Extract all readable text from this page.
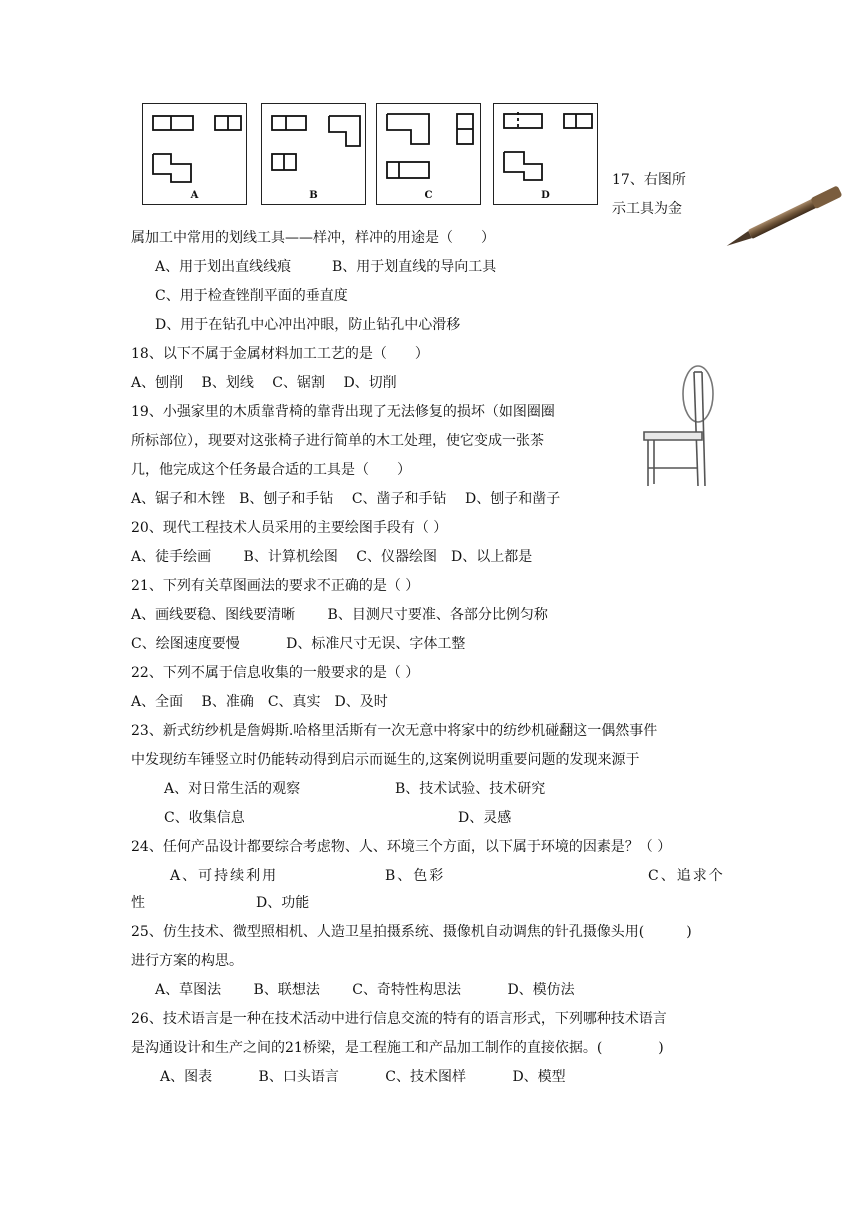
A	B	C	D
17、右图所
示工具为金
属加工中常用的划线工具——样冲，样冲的用途是（　　）
A、用于划出直线线痕	B、用于划直线的导向工具
C、用于检查锉削平面的垂直度
D、用于在钻孔中心冲出冲眼，防止钻孔中心滑移
18、以下不属于金属材料加工工艺的是（　　）
A、刨削　 B、划线　 C、锯割　 D、切削
19、小强家里的木质靠背椅的靠背出现了无法修复的损坏（如图圈圈
所标部位），现要对这张椅子进行简单的木工处理，使它变成一张茶
几，他完成这个任务最合适的工具是（　　）
A、锯子和木锉　B、刨子和手钻　 C、凿子和手钻　 D、刨子和凿子
20、现代工程技术人员采用的主要绘图手段有（ ）
A、徒手绘画　　 B、计算机绘图　 C、仪器绘图　D、以上都是
21、下列有关草图画法的要求不正确的是（ ）
A、画线要稳、图线要清晰　　 B、目测尺寸要准、各部分比例匀称
C、绘图速度要慢　　　 D、标准尺寸无误、字体工整
22、下列不属于信息收集的一般要求的是（ ）
A、全面　 B、准确　C、真实　D、及时
23、新式纺纱机是詹姆斯.哈格里活斯有一次无意中将家中的纺纱机碰翻这一偶然事件
中发现纺车锤竖立时仍能转动得到启示而诞生的,这案例说明重要问题的发现来源于
A、对日常生活的观察	B、技术试验、技术研究
C、收集信息	D、灵感
24、任何产品设计都要综合考虑物、人、环境三个方面，以下属于环境的因素是？（ ）
A、可持续利用	B、色彩	C、追求个
性	D、功能
25、仿生技术、微型照相机、人造卫星拍摄系统、摄像机自动调焦的针孔摄像头用(　　　)
进行方案的构思。
A、草图法　　 B、联想法　　 C、奇特性构思法　　　 D、模仿法
26、技术语言是一种在技术活动中进行信息交流的特有的语言形式，下列哪种技术语言
是沟通设计和生产之间的21桥梁，是工程施工和产品加工制作的直接依据。(　　　　)
A、图表　　　 B、口头语言　　　 C、技术图样　　　 D、模型
